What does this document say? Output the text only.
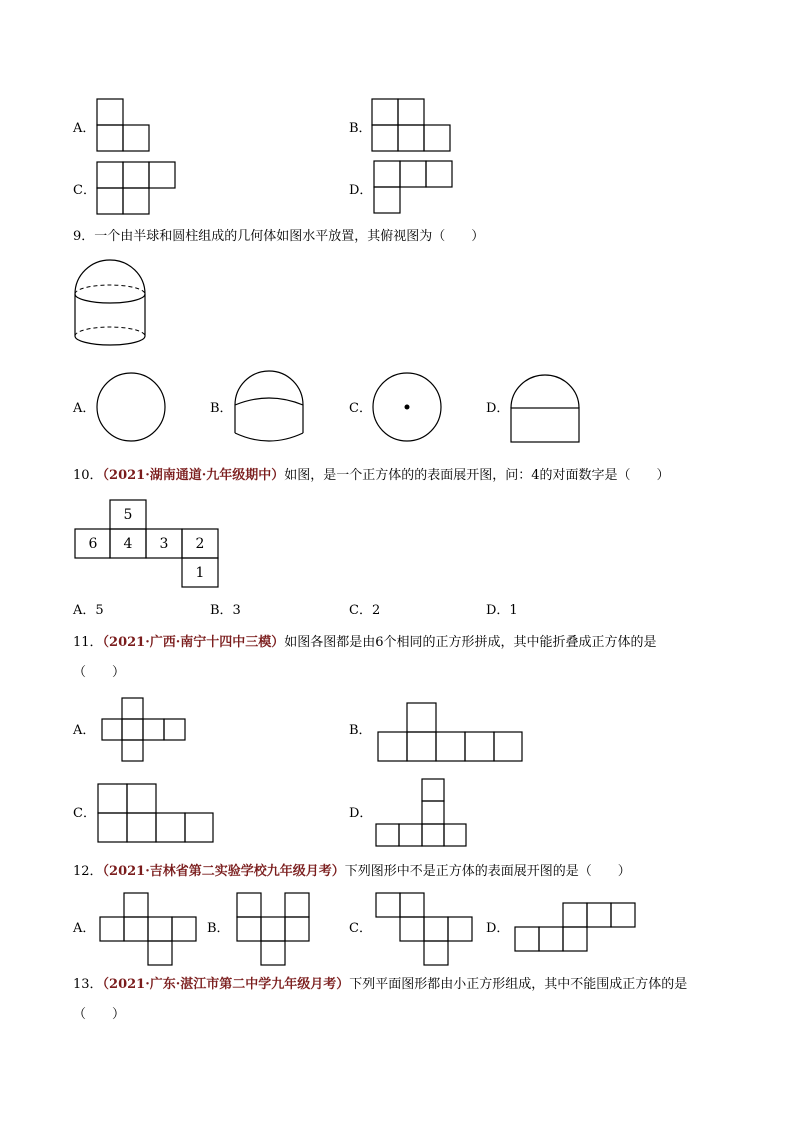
A．	B．
C．	D．
9．一个由半球和圆柱组成的几何体如图水平放置，其俯视图为（　　）
A．	B．	C．	D．
10．（2021·湖南通道·九年级期中）如图，是一个正方体的的表面展开图，问：4的对面数字是（　　）
5
6	4	3	2
1
A．5	B．3	C．2	D．1
11．（2021·广西·南宁十四中三模）如图各图都是由6个相同的正方形拼成，其中能折叠成正方体的是
（　　）
A．	B．
C．	D．
12．（2021·吉林省第二实验学校九年级月考）下列图形中不是正方体的表面展开图的是（　　）
A．	B．	C．	D．
13．（2021·广东·湛江市第二中学九年级月考）下列平面图形都由小正方形组成，其中不能围成正方体的是
（　　）
